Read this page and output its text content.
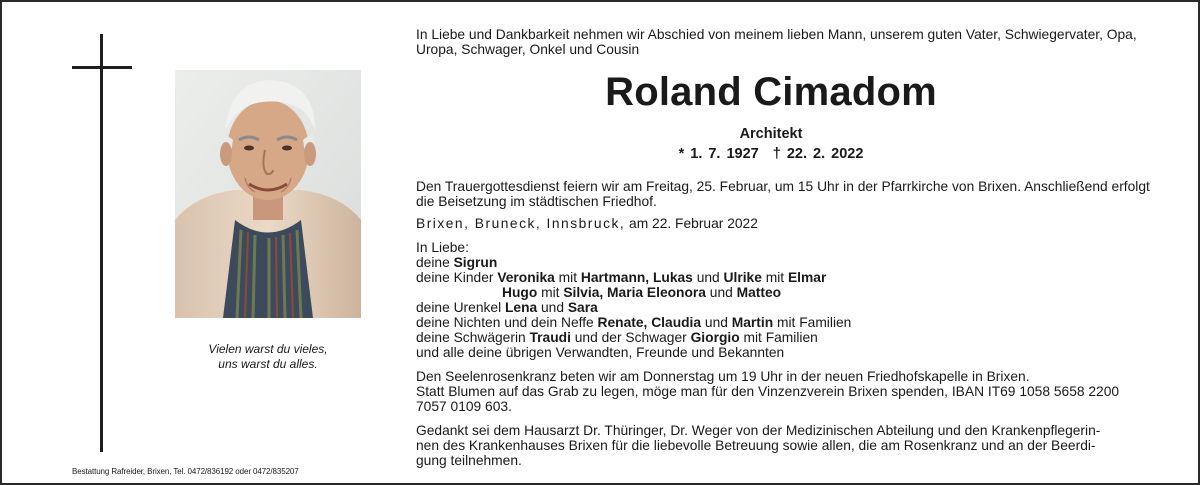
Vielen warst du vieles,
uns warst du alles.
Bestattung Rafreider, Brixen, Tel. 0472/836192 oder 0472/835207

In Liebe und Dankbarkeit nehmen wir Abschied von meinem lieben Mann, unserem guten Vater, Schwiegervater, Opa, Uropa, Schwager, Onkel und Cousin

Roland Cimadom

Architekt

* 1. 7. 1927 † 22. 2. 2022

Den Trauergottesdienst feiern wir am Freitag, 25. Februar, um 15 Uhr in der Pfarrkirche von Brixen. Anschließend erfolgt die Beisetzung im städtischen Friedhof.

Brixen, Bruneck, Innsbruck, am 22. Februar 2022

In Liebe:

deine Sigrun

deine Kinder Veronika mit Hartmann, Lukas und Ulrike mit Elmar

Hugo mit Silvia, Maria Eleonora und Matteo

deine Urenkel Lena und Sara

deine Nichten und dein Neffe Renate, Claudia und Martin mit Familien

deine Schwägerin Traudi und der Schwager Giorgio mit Familien

und alle deine übrigen Verwandten, Freunde und Bekannten

Den Seelenrosenkranz beten wir am Donnerstag um 19 Uhr in der neuen Friedhofskapelle in Brixen.

Statt Blumen auf das Grab zu legen, möge man für den Vinzenzverein Brixen spenden, IBAN IT69 1058 5658 2200

7057 0109 603.

Gedankt sei dem Hausarzt Dr. Thüringer, Dr. Weger von der Medizinischen Abteilung und den Krankenpflegerin-

nen des Krankenhauses Brixen für die liebevolle Betreuung sowie allen, die am Rosenkranz und an der Beerdi-

gung teilnehmen.
